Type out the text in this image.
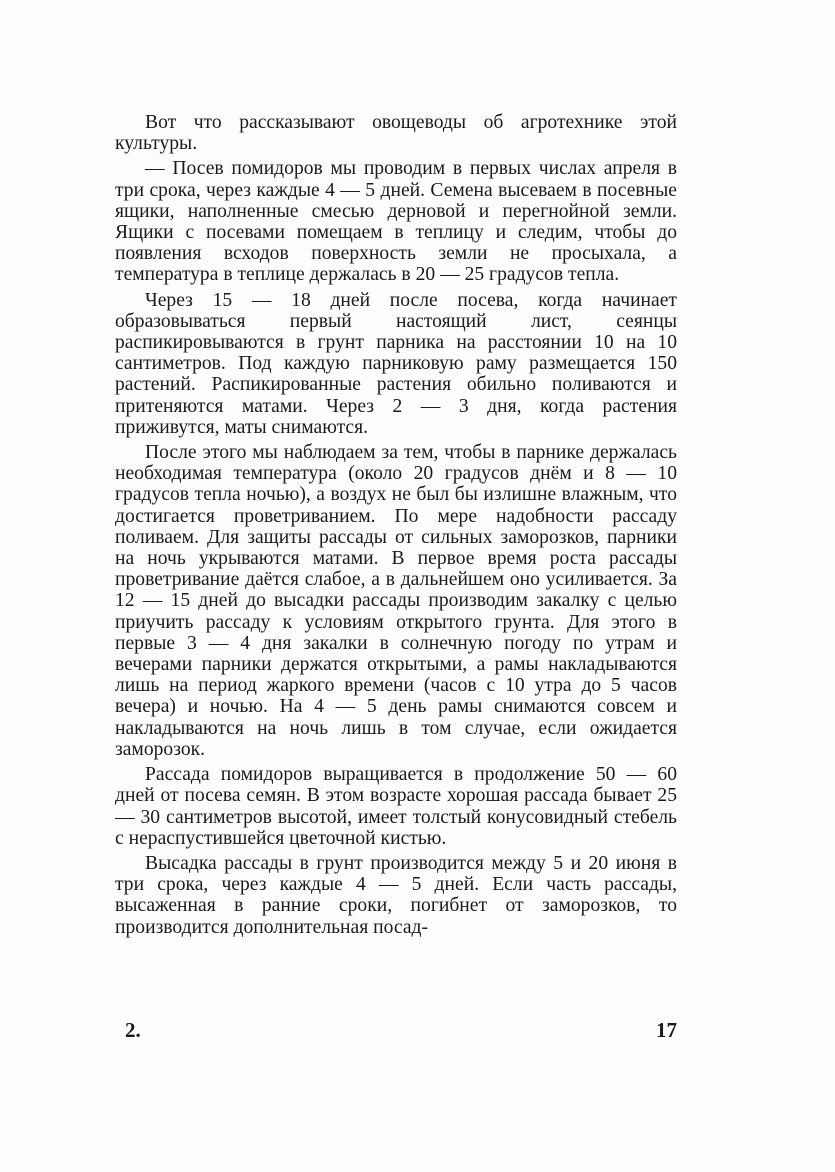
Вот что рассказывают овощеводы об агротехнике этой культуры.

— Посев помидоров мы проводим в первых числах апреля в три срока, через каждые 4 — 5 дней. Семена высеваем в посевные ящики, наполненные смесью дерновой и перегнойной земли. Ящики с посевами помещаем в теплицу и следим, чтобы до появления всходов поверхность земли не просыхала, а температура в теплице держалась в 20 — 25 градусов тепла.

Через 15 — 18 дней после посева, когда начинает образовываться первый настоящий лист, сеянцы распикировываются в грунт парника на расстоянии 10 на 10 сантиметров. Под каждую парниковую раму размещается 150 растений. Распикированные растения обильно поливаются и притеняются матами. Через 2 — 3 дня, когда растения приживутся, маты снимаются.

После этого мы наблюдаем за тем, чтобы в парнике держалась необходимая температура (около 20 градусов днём и 8 — 10 градусов тепла ночью), а воздух не был бы излишне влажным, что достигается проветриванием. По мере надобности рассаду поливаем. Для защиты рассады от сильных заморозков, парники на ночь укрываются матами. В первое время роста рассады проветривание даётся слабое, а в дальнейшем оно усиливается. За 12 — 15 дней до высадки рассады производим закалку с целью приучить рассаду к условиям открытого грунта. Для этого в первые 3 — 4 дня закалки в солнечную погоду по утрам и вечерами парники держатся открытыми, а рамы накладываются лишь на период жаркого времени (часов с 10 утра до 5 часов вечера) и ночью. На 4 — 5 день рамы снимаются совсем и накладываются на ночь лишь в том случае, если ожидается заморозок.

Рассада помидоров выращивается в продолжение 50 — 60 дней от посева семян. В этом возрасте хорошая рассада бывает 25 — 30 сантиметров высотой, имеет толстый конусовидный стебель с нераспустившейся цветочной кистью.

Высадка рассады в грунт производится между 5 и 20 июня в три срока, через каждые 4 — 5 дней. Если часть рассады, высаженная в ранние сроки, погибнет от заморозков, то производится дополнительная посад-

2.	17
